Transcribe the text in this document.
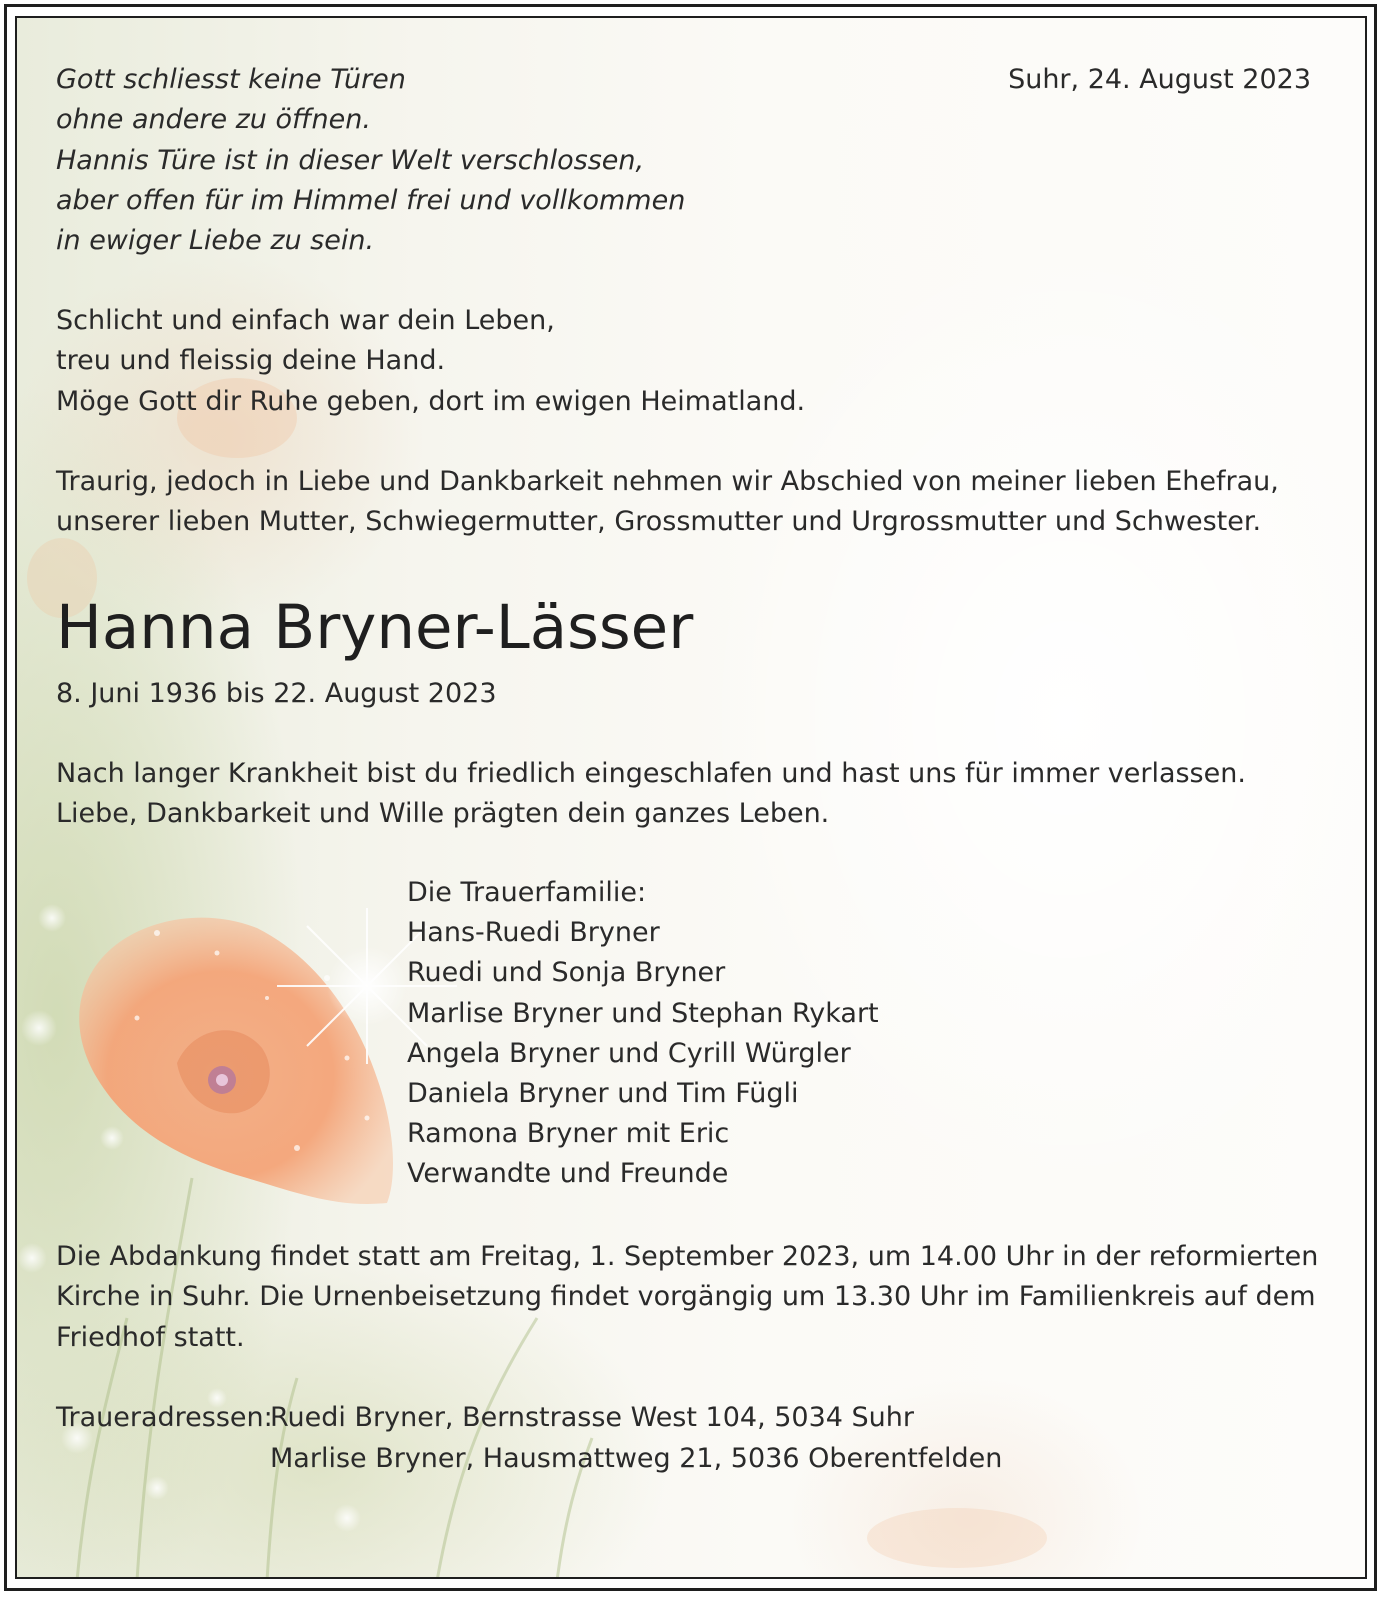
Suhr, 24. August 2023
Gott schliesst keine Türen
ohne andere zu öffnen.
Hannis Türe ist in dieser Welt verschlossen,
aber offen für im Himmel frei und vollkommen
in ewiger Liebe zu sein.
Schlicht und einfach war dein Leben,
treu und fleissig deine Hand.
Möge Gott dir Ruhe geben, dort im ewigen Heimatland.
Traurig, jedoch in Liebe und Dankbarkeit nehmen wir Abschied von meiner lieben Ehefrau,
unserer lieben Mutter, Schwiegermutter, Grossmutter und Urgrossmutter und Schwester.
Hanna Bryner-Lässer
8. Juni 1936 bis 22. August 2023
Nach langer Krankheit bist du friedlich eingeschlafen und hast uns für immer verlassen.
Liebe, Dankbarkeit und Wille prägten dein ganzes Leben.
Die Trauerfamilie:
Hans-Ruedi Bryner
Ruedi und Sonja Bryner
Marlise Bryner und Stephan Rykart
Angela Bryner und Cyrill Würgler
Daniela Bryner und Tim Fügli
Ramona Bryner mit Eric
Verwandte und Freunde
Die Abdankung findet statt am Freitag, 1. September 2023, um 14.00 Uhr in der reformierten
Kirche in Suhr. Die Urnenbeisetzung findet vorgängig um 13.30 Uhr im Familienkreis auf dem
Friedhof statt.
Traueradressen:
Ruedi Bryner, Bernstrasse West 104, 5034 Suhr
Marlise Bryner, Hausmattweg 21, 5036 Oberentfelden
